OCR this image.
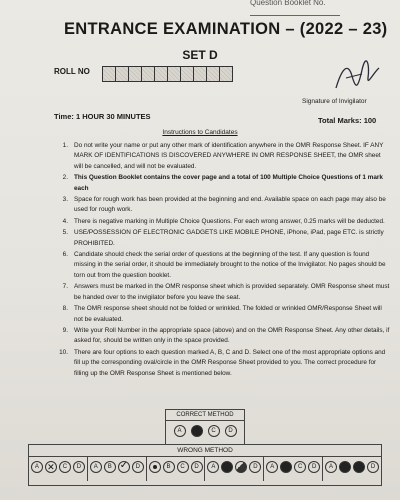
Question Booklet No.
ENTRANCE EXAMINATION – (2022 – 23)
SET D
ROLL NO
Signature of Invigilator
Time: 1 HOUR 30 MINUTES	Total Marks: 100
Instructions to Candidates
1. Do not write your name or put any other mark of identification anywhere in the OMR Response Sheet. IF ANY MARK OF IDENTIFICATIONS IS DISCOVERED ANYWHERE IN OMR RESPONSE SHEET, the OMR sheet will be cancelled, and will not be evaluated.
2. This Question Booklet contains the cover page and a total of 100 Multiple Choice Questions of 1 mark each
3. Space for rough work has been provided at the beginning and end. Available space on each page may also be used for rough work.
4. There is negative marking in Multiple Choice Questions. For each wrong answer, 0.25 marks will be deducted.
5. USE/POSSESSION OF ELECTRONIC GADGETS LIKE MOBILE PHONE, iPhone, iPad, page ETC. is strictly PROHIBITED.
6. Candidate should check the serial order of questions at the beginning of the test. If any question is found missing in the serial order, it should be immediately brought to the notice of the Invigilator. No pages should be torn out from the question booklet.
7. Answers must be marked in the OMR response sheet which is provided separately. OMR Response sheet must be handed over to the invigilator before you leave the seat.
8. The OMR response sheet should not be folded or wrinkled. The folded or wrinkled OMR/Response Sheet will not be evaluated.
9. Write your Roll Number in the appropriate space (above) and on the OMR Response Sheet. Any other details, if asked for, should be written only in the space provided.
10. There are four options to each question marked A, B, C and D. Select one of the most appropriate options and fill up the corresponding oval/circle in the OMR Response Sheet provided to you. The correct procedure for filling up the OMR Response Sheet is mentioned below.
CORRECT METHOD
A	B	C	D
WRONG METHOD
A ✕	C	D	A	B ✓	D	B	C	D	A	D	A	C	D	A	D
